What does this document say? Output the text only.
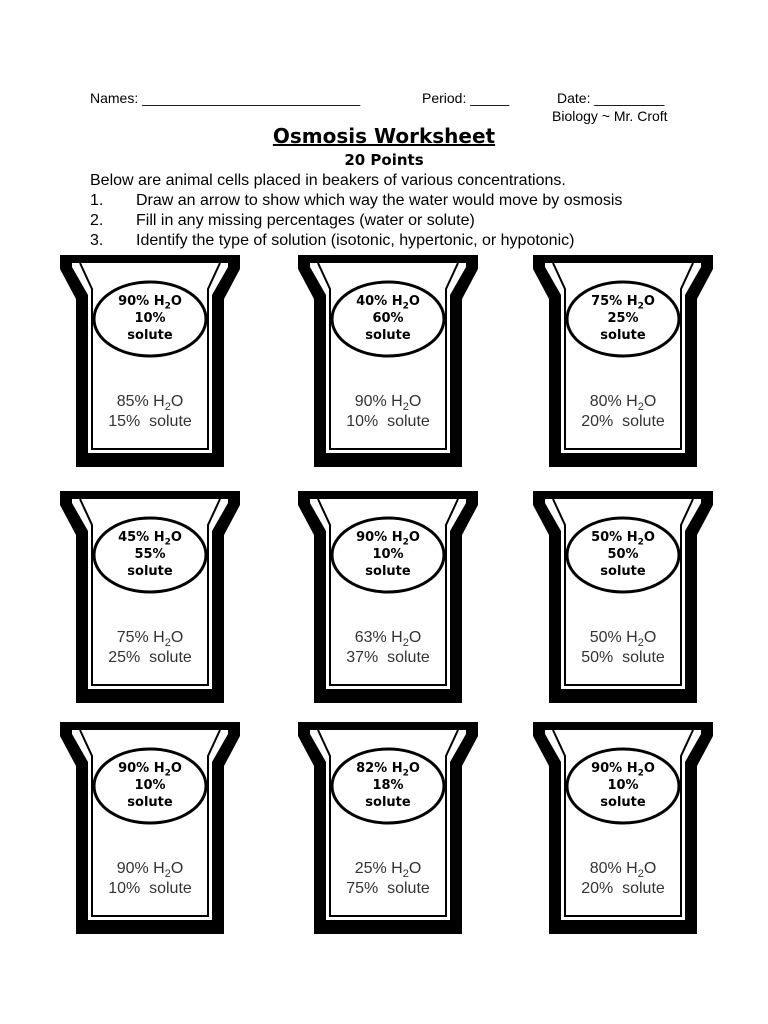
Names: ____________________________	Period: _____	Date: _________
Biology ~ Mr. Croft
Osmosis Worksheet
20 Points
Below are animal cells placed in beakers of various concentrations.
1. Draw an arrow to show which way the water would move by osmosis
2. Fill in any missing percentages (water or solute)
3. Identify the type of solution (isotonic, hypertonic, or hypotonic)
90% $H_2O$
10%
solute
85% $H_2O$
15%  solute
40% $H_2O$
60%
solute
90% $H_2O$
10%  solute
75% $H_2O$
25%
solute
80% $H_2O$
20%  solute
45% $H_2O$
55%
solute
75% $H_2O$
25%  solute
90% $H_2O$
10%
solute
63% $H_2O$
37%  solute
50% $H_2O$
50%
solute
50% $H_2O$
50%  solute
90% $H_2O$
10%
solute
90% $H_2O$
10%  solute
82% $H_2O$
18%
solute
25% $H_2O$
75%  solute
90% $H_2O$
10%
solute
80% $H_2O$
20%  solute
